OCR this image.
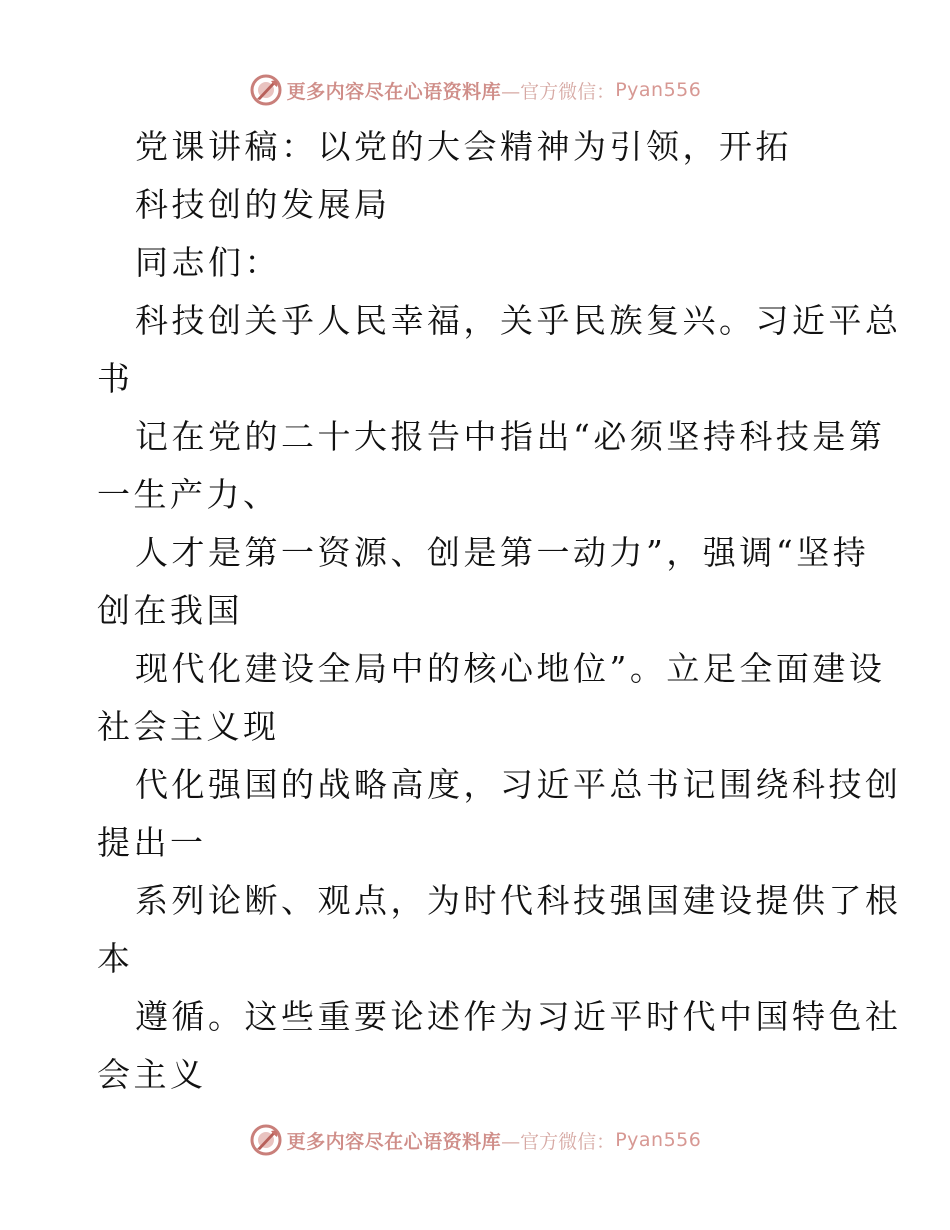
更多内容尽在心语资料库 —官方微信： Pyan556
党课讲稿：以党的大会精神为引领，开拓
科技创的发展局
同志们：
科技创关乎人民幸福，关乎民族复兴。习近平总
书
记在党的二十大报告中指出“必须坚持科技是第
一生产力、
人才是第一资源、创是第一动力”，强调“坚持
创在我国
现代化建设全局中的核心地位”。立足全面建设
社会主义现
代化强国的战略高度，习近平总书记围绕科技创
提出一
系列论断、观点，为时代科技强国建设提供了根
本
遵循。这些重要论述作为习近平时代中国特色社
会主义
更多内容尽在心语资料库 —官方微信： Pyan556
